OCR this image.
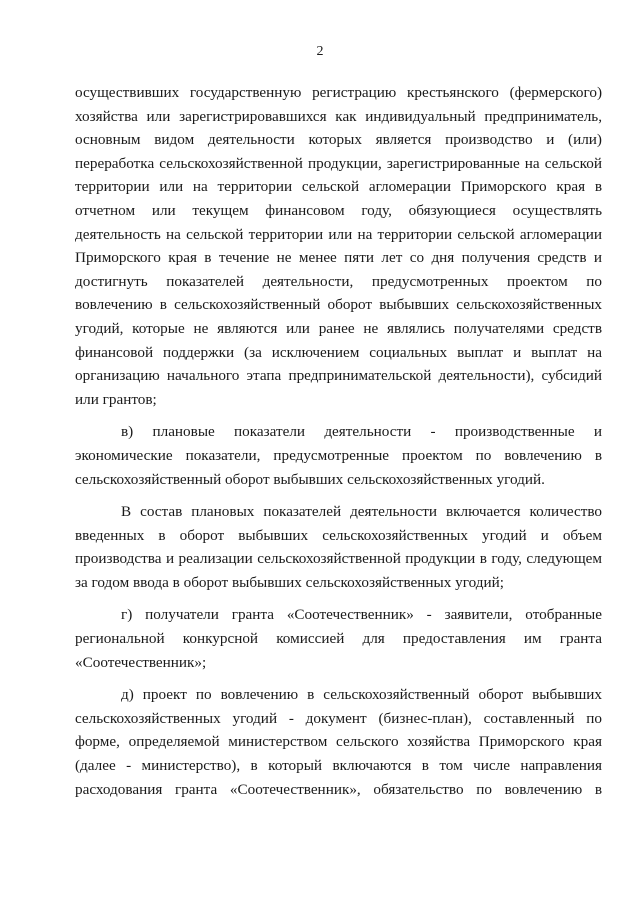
2

осуществивших государственную регистрацию крестьянского (фермерского)

хозяйства или зарегистрировавшихся как индивидуальный предприниматель,

основным видом деятельности которых является производство и (или)

переработка сельскохозяйственной продукции, зарегистрированные на сельской

территории или на территории сельской агломерации Приморского края в

отчетном или текущем финансовом году, обязующиеся осуществлять

деятельность на сельской территории или на территории сельской агломерации

Приморского края в течение не менее пяти лет со дня получения средств и

достигнуть показателей деятельности, предусмотренных проектом по

вовлечению в сельскохозяйственный оборот выбывших сельскохозяйственных

угодий, которые не являются или ранее не являлись получателями средств

финансовой поддержки (за исключением социальных выплат и выплат на

организацию начального этапа предпринимательской деятельности), субсидий

или грантов;

в) плановые показатели деятельности - производственные и

экономические показатели, предусмотренные проектом по вовлечению в

сельскохозяйственный оборот выбывших сельскохозяйственных угодий.

В состав плановых показателей деятельности включается количество

введенных в оборот выбывших сельскохозяйственных угодий и объем

производства и реализации сельскохозяйственной продукции в году, следующем

за годом ввода в оборот выбывших сельскохозяйственных угодий;

г) получатели гранта «Соотечественник» - заявители, отобранные

региональной конкурсной комиссией для предоставления им гранта

«Соотечественник»;

д) проект по вовлечению в сельскохозяйственный оборот выбывших

сельскохозяйственных угодий - документ (бизнес-план), составленный по

форме, определяемой министерством сельского хозяйства Приморского края

(далее - министерство), в который включаются в том числе направления

расходования гранта «Соотечественник», обязательство по вовлечению в
